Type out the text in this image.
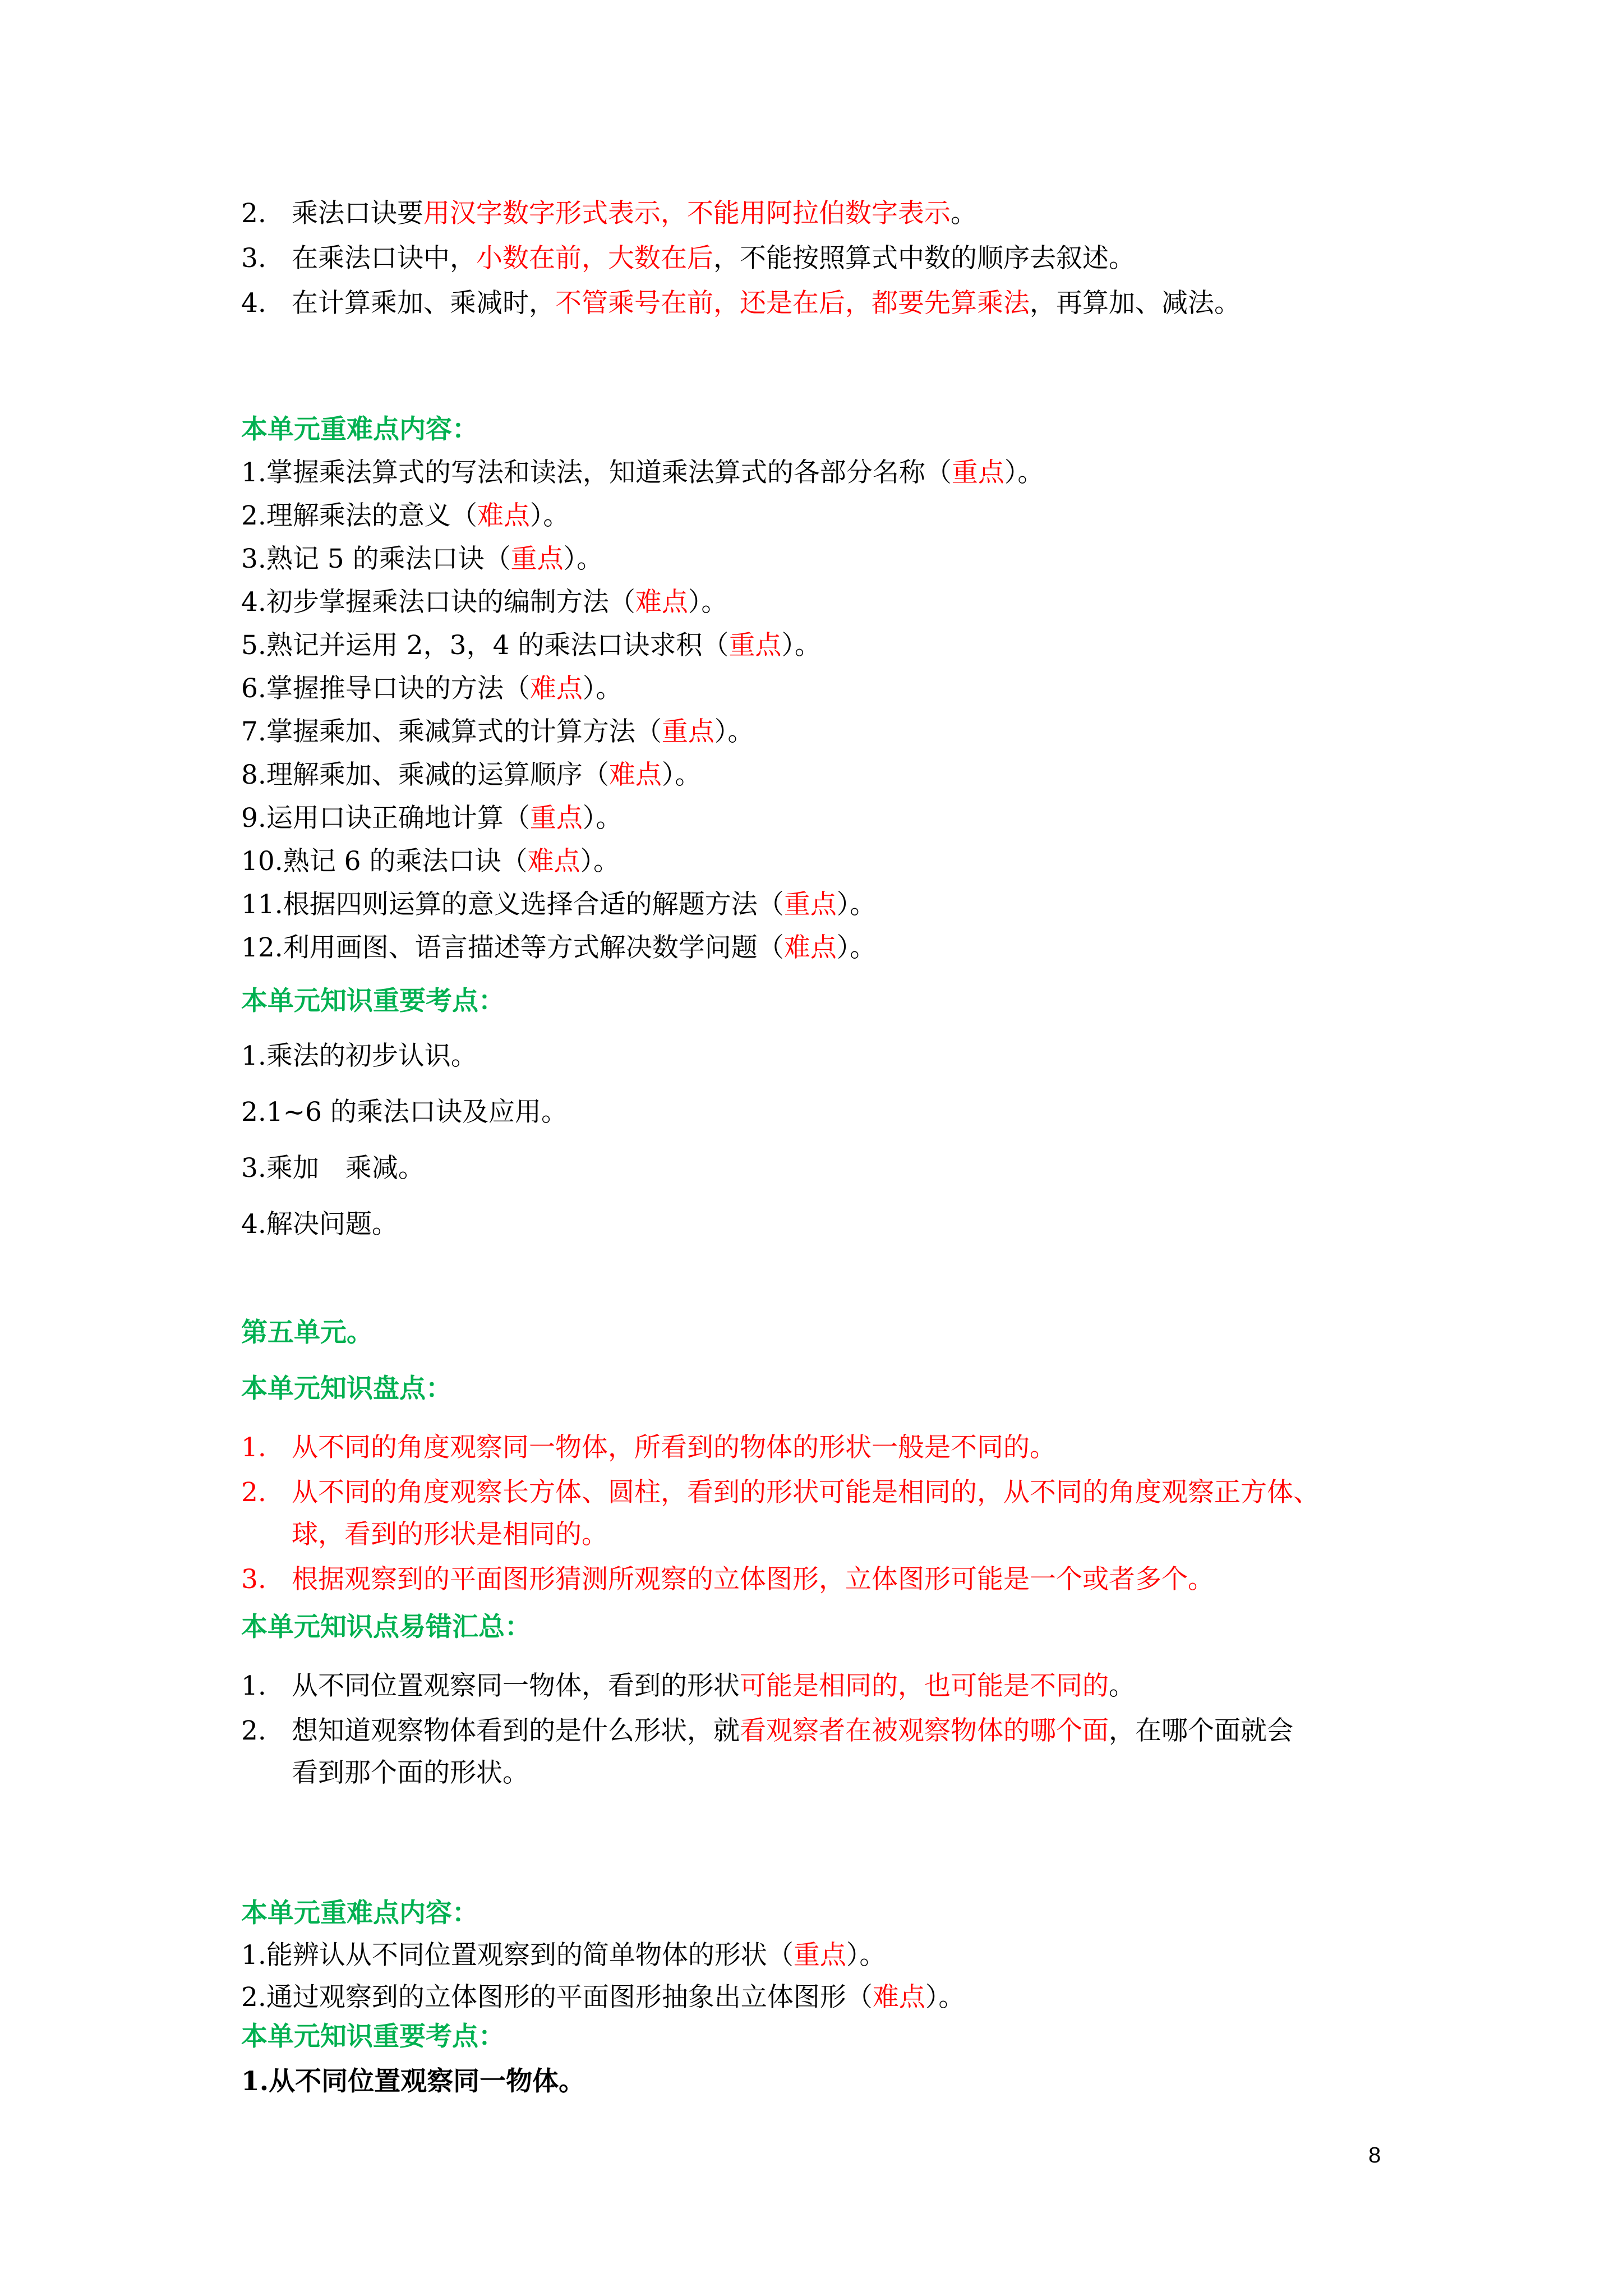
2. 乘法口诀要用汉字数字形式表示，不能用阿拉伯数字表示。
3. 在乘法口诀中，小数在前，大数在后，不能按照算式中数的顺序去叙述。
4. 在计算乘加、乘减时，不管乘号在前，还是在后，都要先算乘法，再算加、减法。
本单元重难点内容：
1.掌握乘法算式的写法和读法，知道乘法算式的各部分名称（重点）。
2.理解乘法的意义（难点）。
3.熟记 5 的乘法口诀（重点）。
4.初步掌握乘法口诀的编制方法（难点）。
5.熟记并运用 2，3，4 的乘法口诀求积（重点）。
6.掌握推导口诀的方法（难点）。
7.掌握乘加、乘减算式的计算方法（重点）。
8.理解乘加、乘减的运算顺序（难点）。
9.运用口诀正确地计算（重点）。
10.熟记 6 的乘法口诀（难点）。
11.根据四则运算的意义选择合适的解题方法（重点）。
12.利用画图、语言描述等方式解决数学问题（难点）。
本单元知识重要考点：
1.乘法的初步认识。
2.1~6 的乘法口诀及应用。
3.乘加　乘减。
4.解决问题。
第五单元。
本单元知识盘点：
1. 从不同的角度观察同一物体，所看到的物体的形状一般是不同的。
2. 从不同的角度观察长方体、圆柱，看到的形状可能是相同的，从不同的角度观察正方体、
球，看到的形状是相同的。
3. 根据观察到的平面图形猜测所观察的立体图形，立体图形可能是一个或者多个。
本单元知识点易错汇总：
1. 从不同位置观察同一物体，看到的形状可能是相同的，也可能是不同的。
2. 想知道观察物体看到的是什么形状，就看观察者在被观察物体的哪个面，在哪个面就会
看到那个面的形状。
本单元重难点内容：
1.能辨认从不同位置观察到的简单物体的形状（重点）。
2.通过观察到的立体图形的平面图形抽象出立体图形（难点）。
本单元知识重要考点：
1.从不同位置观察同一物体。
8
